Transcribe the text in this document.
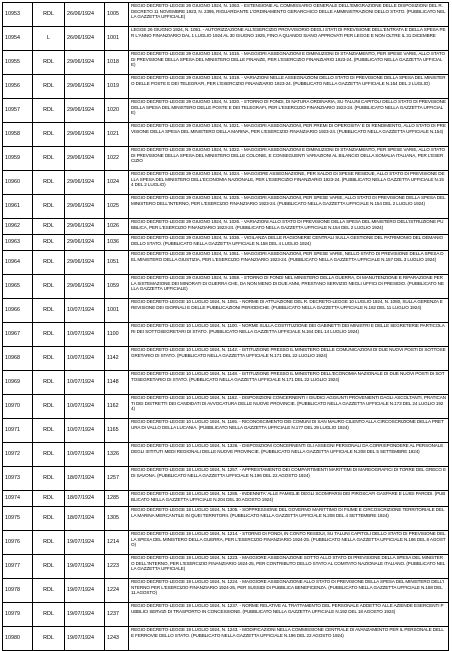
10953	RDL	26/06/1924	1005	REGIO DECRETO-LEGGE 26 GIUGNO 1924, N. 1063. - ESTENSIONE AL COMMISSARIO GENERALE DELL'EMIGRAZIONE DELLE DISPOSIZIONI DEL R. DECRETO 11 NOVEMBRE 1923, N. 2395, RIGUARDANTE L'ORDINAMENTO GERARCHICO DELLE AMMINISTRAZIONI DELLO STATO. (PUBBLICATO NELLA GAZZETTA UFFICIALE)
10954	L	26/06/1924	1001	LEGGE 26 GIUGNO 1924, N. 1051. - AUTORIZZAZIONE ALL'ESERCIZIO PROVVISORIO DEGLI STATI DI PREVISIONE DELL'ENTRATA E DELLA SPESA PER L'ANNO FINANZIARIO DAL 1 LUGLIO 1924 AL 30 GIUGNO 1925, FINO A QUANDO SIANO APPROVATI PER LEGGE E NON OLTRE IL 31 DICEMBRE
10955	RDL	29/06/1924	1018	REGIO DECRETO-LEGGE 29 GIUGNO 1924, N. 1015. - MAGGIORI ASSEGNAZIONI E DIMINUZIONI DI STANZIAMENTO, PER SPESE VARIE, ALLO STATO DI PREVISIONE DELLA SPESA DEL MINISTERO DELLE FINANZE, PER L'ESERCIZIO FINANZIARIO 1923-24. (PUBBLICATO NELLA GAZZETTA UFFICIALE)
10956	RDL	29/06/1924	1019	REGIO DECRETO-LEGGE 29 GIUGNO 1924, N. 1019. - VARIAZIONI NELLE ASSEGNAZIONI DELLO STATO DI PREVISIONE DELLA SPESA DEL MINISTERO DELLE POSTE E DEI TELEGRAFI, PER L'ESERCIZIO FINANZIARIO 1923-24. (PUBBLICATO NELLA GAZZETTA UFFICIALE N.154 DEL 2 LUGLIO)
10957	RDL	29/06/1924	1020	REGIO DECRETO-LEGGE 29 GIUGNO 1924, N. 1020. - STORNO DI FONDI, DI NATURA ORDINARIA, SU TALUNI CAPITOLI DELLO STATO DI PREVISIONE DELLA SPESA DEL MINISTERO DELLE POSTE E DEI TELEGRAFI, PER L'ESERCIZIO FINANZIARIO 1923-24. (PUBBLICATO NELLA GAZZETTA UFFICIALE)
10958	RDL	29/06/1924	1021	REGIO DECRETO-LEGGE 29 GIUGNO 1924, N. 1021. - MAGGIORI ASSEGNAZIONI, PER PREMI DI OPEROSITA' E DI RENDIMENTO, ALLO STATO DI PREVISIONE DELLA SPESA DEL MINISTERO DELLA MARINA, PER L'ESERCIZIO FINANZIARIO 1923-24. (PUBBLICATO NELLA GAZZETTA UFFICIALE N.154)
10959	RDL	29/06/1924	1022	REGIO DECRETO-LEGGE 29 GIUGNO 1924, N. 1022. - MAGGIORI ASSEGNAZIONI E DIMINUZIONI DI STANZIAMENTO, PER SPESE VARIE, ALLO STATO DI PREVISIONE DELLA SPESA DEL MINISTERO DELLE COLONIE, E CONSEGUENTI VARIAZIONI AL BILANCIO DELLA SOMALIA ITALIANA, PER L'ESERCIZIO
10960	RDL	29/06/1924	1024	REGIO DECRETO-LEGGE 29 GIUGNO 1924, N. 1024. - MAGGIORE ASSEGNAZIONE, PER SALDO DI SPESE RESIDUE, ALLO STATO DI PREVISIONE DELLA SPESA DEL MINISTERO DELL'ECONOMIA NAZIONALE, PER L'ESERCIZIO FINANZIARIO 1923-24. (PUBBLICATO NELLA GAZZETTA UFFICIALE N.154 DEL 2 LUGLIO)
10961	RDL	29/06/1924	1025	REGIO DECRETO-LEGGE 29 GIUGNO 1924, N. 1025. - MAGGIORI ASSEGNAZIONI, PER SPESE VARIE, ALLO STATO DI PREVISIONE DELLA SPESA DEL MINISTERO DELL'INTERNO, PER L'ESERCIZIO FINANZIARIO 1923-24. (PUBBLICATO NELLA GAZZETTA UFFICIALE N.154 DEL 2 LUGLIO 1924)
10962	RDL	29/06/1924	1026	REGIO DECRETO-LEGGE 29 GIUGNO 1924, N. 1026. - VARIAZIONI ALLO STATO DI PREVISIONE DELLA SPESA DEL MINISTERO DELL'ISTRUZIONE PUBBLICA, PER L'ESERCIZIO FINANZIARIO 1923-24. (PUBBLICATO NELLA GAZZETTA UFFICIALE N.154 DEL 2 LUGLIO 1924)
10963	RDL	29/06/1924	1036	REGIO DECRETO-LEGGE 29 GIUGNO 1924, N. 1036. - VIGILANZA DELLE RAGIONERIE CENTRALI SULLA GESTIONE DEL PATRIMONIO DEL DEMANIO DELLO STATO. (PUBBLICATO NELLA GAZZETTA UFFICIALE N.158 DEL 4 LUGLIO 1924)
10964	RDL	29/06/1924	1051	REGIO DECRETO-LEGGE 29 GIUGNO 1924, N. 1051. - MAGGIORI ASSEGNAZIONI, PER SPESE VARIE, NELLO STATO DI PREVISIONE DELLA SPESA DEL MINISTERO DELLA GIUSTIZIA, PER L'ESERCIZIO FINANZIARIO 1923-24. (PUBBLICATO NELLA GAZZETTA UFFICIALE N.157 DEL 3 LUGLIO 1924)
10965	RDL	29/06/1924	1059	REGIO DECRETO-LEGGE 29 GIUGNO 1924, N. 1059. - STORNO DI FONDI NEL MINISTERO DELLA GUERRA, DI MANUTENZIONE E RIPARAZIONE PER LA SISTEMAZIONE DEI MINORATI DI GUERRA CHE, DA NON MENO DI DUE ANNI, PRESTANO SERVIZIO NEGLI UFFICI DI PRESIDIO. (PUBBLICATO NELLA GAZZETTA UFFICIALE)
10966	RDL	10/07/1924	1001	REGIO DECRETO-LEGGE 10 LUGLIO 1924, N. 1081. - NORME DI ATTUAZIONE DEL R. DECRETO-LEGGE 10 LUGLIO 1924, N. 1080, SULLA GERENZA E REVISIONE DEI GIORNALI E DELLE PUBBLICAZIONI PERIODICHE. (PUBBLICATO NELLA GAZZETTA UFFICIALE N.162 DEL 11 LUGLIO 1924)
10967	RDL	10/07/1924	1100	REGIO DECRETO-LEGGE 10 LUGLIO 1924, N. 1100. - NORME SULLA COSTITUZIONE DEI GABINETTI DEI MINISTRI E DELLE SEGRETERIE PARTICOLARI DEI SOTTOSEGRETARI DI STATO. (PUBBLICATO NELLA GAZZETTA UFFICIALE N.164 DEL 14 LUGLIO 1924)
10968	RDL	10/07/1924	1142	REGIO DECRETO-LEGGE 10 LUGLIO 1924, N. 1142. - ISTITUZIONE PRESSO IL MINISTERO DELLE COMUNICAZIONI DI DUE NUOVI POSTI DI SOTTOSEGRETARIO DI STATO. (PUBBLICATO NELLA GAZZETTA UFFICIALE N.171 DEL 22 LUGLIO 1924)
10969	RDL	10/07/1924	1148	REGIO DECRETO-LEGGE 10 LUGLIO 1924, N. 1148. - ISTITUZIONE PRESSO IL MINISTERO DELL'ECONOMIA NAZIONALE DI DUE NUOVI POSTI DI SOTTOSEGRETARIO DI STATO. (PUBBLICATO NELLA GAZZETTA UFFICIALE N.171 DEL 22 LUGLIO 1924)
10970	RDL	10/07/1924	1162	REGIO DECRETO-LEGGE 10 LUGLIO 1924, N. 1162. - DISPOSIZIONI CONCERNENTI I GIUDICI AGGIUNTI PROVENIENTI DAGLI ASCOLTANTI, PRATICANTI DEI DISTRETTI DEI CANDIDATI DI AVVOCATURA DELLE NUOVE PROVINCIE. (PUBBLICATO NELLA GAZZETTA UFFICIALE N.173 DEL 24 LUGLIO 1924)
10971	RDL	10/07/1924	1165	REGIO DECRETO-LEGGE 10 LUGLIO 1924, N. 1165. - RICONOSCIMENTO DEI COMUNI DI SAN MAURO CILENTO ALLA CIRCOSCRIZIONE DELLA PRETURA DI VALLO DELLA LUCANIA. (PUBBLICATO NELLA GAZZETTA UFFICIALE N.177 DEL 29 LUGLIO 1924)
10972	RDL	10/07/1924	1326	REGIO DECRETO-LEGGE 10 LUGLIO 1924, N. 1326. - DISPOSIZIONI CONCERNENTI GLI ASSEGNI PERSONALI DA CORRISPONDERE AL PERSONALE DEGLI ISTITUTI MEDI REGIONALI DELLE NUOVE PROVINCIE. (PUBBLICATO NELLA GAZZETTA UFFICIALE N.208 DEL 5 SETTEMBRE 1924)
10973	RDL	18/07/1924	1257	REGIO DECRETO-LEGGE 18 LUGLIO 1924, N. 1257. - APPRESTAMENTO DEI COMPARTIMENTI MARITTIMI DI MAREOGRAFICI DI TORRE DEL GRECO E DI SAVONA. (PUBBLICATO NELLA GAZZETTA UFFICIALE N.196 DEL 22 AGOSTO 1924)
10974	RDL	18/07/1924	1285	REGIO DECRETO-LEGGE 18 LUGLIO 1924, N. 1285. - INDENNITA' ALLE FAMIGLIE DEGLI SCOMPARSI DEI PIROSCAFI GASPARE E LUIGI PARODI. (PUBBLICATO NELLA GAZZETTA UFFICIALE N.204 DEL 30 AGOSTO 1924)
10975	RDL	18/07/1924	1305	REGIO DECRETO-LEGGE 18 LUGLIO 1924, N. 1305. - SOPPRESSIONE DEL GOVERNO MARITTIMO DI FIUME E CIRCOSCRIZIONE TERRITORIALE DELLA MARINA MERCANTILE IN QUEI TERRITORII. (PUBBLICATO NELLA GAZZETTA UFFICIALE N.208 DEL 4 SETTEMBRE 1924)
10976	RDL	19/07/1924	1214	REGIO DECRETO-LEGGE 19 LUGLIO 1924, N. 1214. - STORNO DI FONDI, IN CONTO RESIDUI, SU TALUNI CAPITOLI DELLO STATO DI PREVISIONE DELLA SPESA DEL MINISTERO DELLA GUERRA, PER L'ESERCIZIO FINANZIARIO 1924-25. (PUBBLICATO NELLA GAZZETTA UFFICIALE N.186 DEL 8 AGOSTO)
10977	RDL	19/07/1924	1223	REGIO DECRETO-LEGGE 19 LUGLIO 1924, N. 1223. - MAGGIORE ASSEGNAZIONE SOTTO ALLO STATO DI PREVISIONE DELLA SPESA DEL MINISTERO DELL'INTERNO, PER L'ESERCIZIO FINANZIARIO 1924-25, PER CONTRIBUTO DELLO STATO AL COMITATO NAZIONALE ITALIANO. (PUBBLICATO NELLA GAZZETTA UFFICIALE)
10978	RDL	19/07/1924	1224	REGIO DECRETO-LEGGE 19 LUGLIO 1924, N. 1224. - MAGGIORE ASSEGNAZIONE ALLO STATO DI PREVISIONE DELLA SPESA DEL MINISTERO DELL'INTERNO PER L'ESERCIZIO FINANZIARIO 1924-25, PER SUSSIDI DI PUBBLICA BENEFICENZA. (PUBBLICATO NELLA GAZZETTA UFFICIALE N.188 DEL 11 AGOSTO)
10979	RDL	19/07/1924	1237	REGIO DECRETO-LEGGE 19 LUGLIO 1924, N. 1237. - NORME RELATIVE AL TRATTAMENTO DEL PERSONALE ADDETTO ALLE AZIENDE ESERCENTI PUBBLICI SERVIZI DI TRASPORTO IN CONCESSIONE. (PUBBLICATO NELLA GAZZETTA UFFICIALE N.192 DEL 18 AGOSTO 1924)
10980	RDL	19/07/1924	1243	REGIO DECRETO-LEGGE 19 LUGLIO 1924, N. 1243. - MODIFICAZIONI NELLA COMMISSIONE CENTRALE DI AVANZAMENTO PER IL PERSONALE DELLE FERROVIE DELLO STATO. (PUBBLICATO NELLA GAZZETTA UFFICIALE N.196 DEL 22 AGOSTO 1924)
